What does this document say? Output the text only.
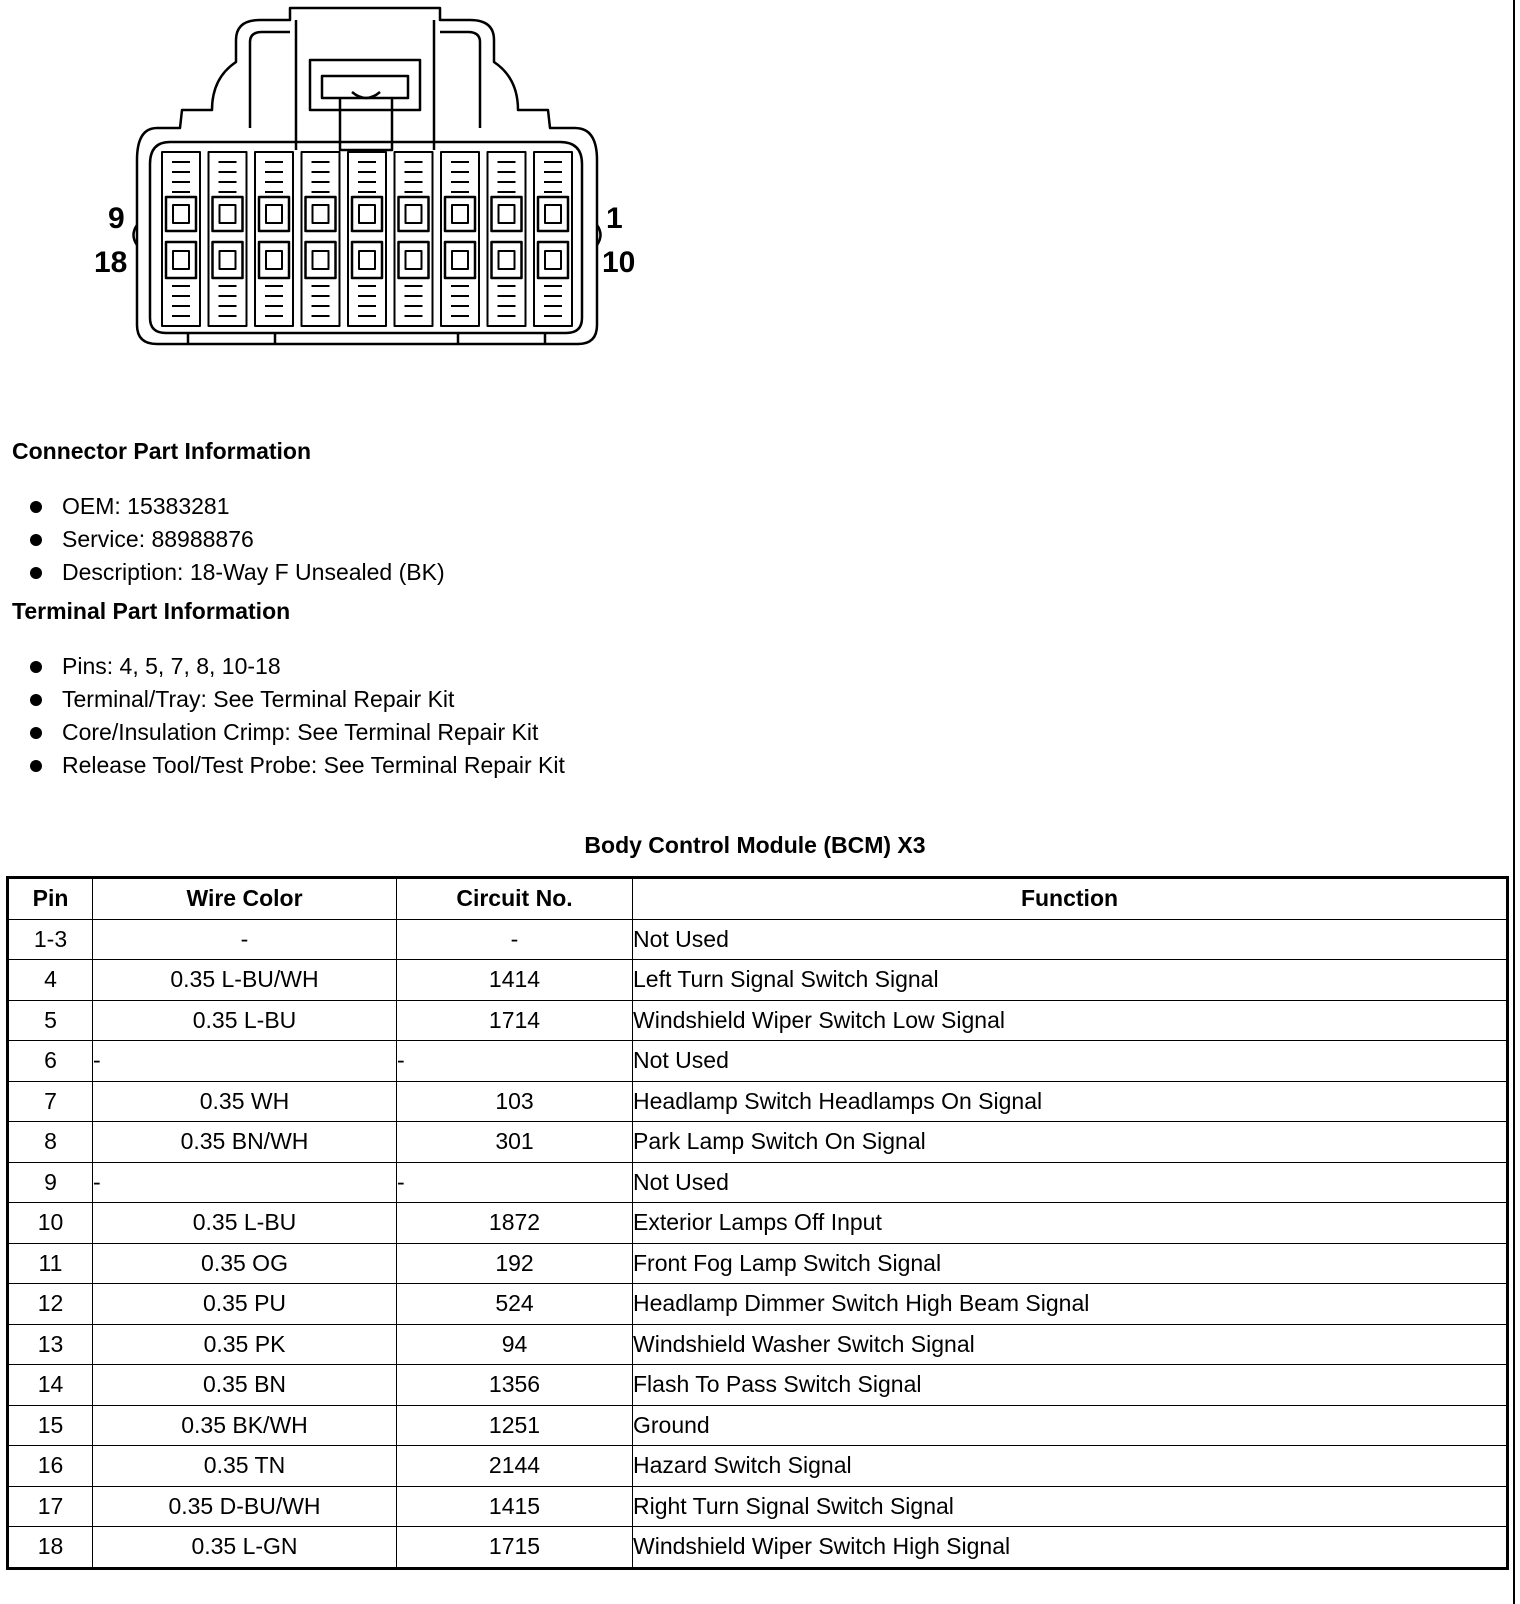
9
18
1
10
Connector Part Information
OEM: 15383281
Service: 88988876
Description: 18-Way F Unsealed (BK)
Terminal Part Information
Pins: 4, 5, 7, 8, 10-18
Terminal/Tray: See Terminal Repair Kit
Core/Insulation Crimp: See Terminal Repair Kit
Release Tool/Test Probe: See Terminal Repair Kit
Body Control Module (BCM) X3
Pin	Wire Color	Circuit No.	Function
1-3	-	-	Not Used
4	0.35 L-BU/WH	1414	Left Turn Signal Switch Signal
5	0.35 L-BU	1714	Windshield Wiper Switch Low Signal
6	-	-	Not Used
7	0.35 WH	103	Headlamp Switch Headlamps On Signal
8	0.35 BN/WH	301	Park Lamp Switch On Signal
9	-	-	Not Used
10	0.35 L-BU	1872	Exterior Lamps Off Input
11	0.35 OG	192	Front Fog Lamp Switch Signal
12	0.35 PU	524	Headlamp Dimmer Switch High Beam Signal
13	0.35 PK	94	Windshield Washer Switch Signal
14	0.35 BN	1356	Flash To Pass Switch Signal
15	0.35 BK/WH	1251	Ground
16	0.35 TN	2144	Hazard Switch Signal
17	0.35 D-BU/WH	1415	Right Turn Signal Switch Signal
18	0.35 L-GN	1715	Windshield Wiper Switch High Signal
